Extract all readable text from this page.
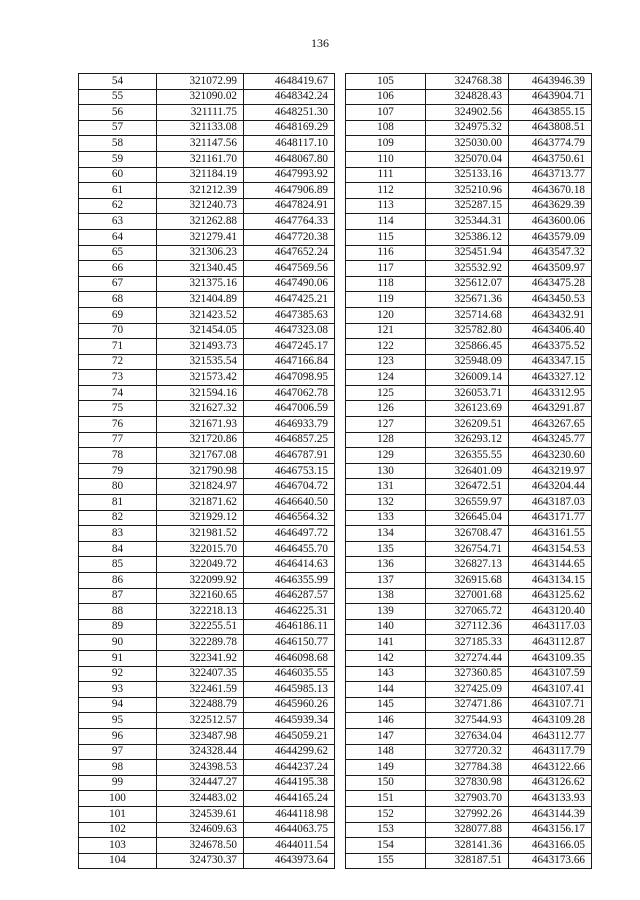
136
54	321072.99	4648419.67
55	321090.02	4648342.24
56	321111.75	4648251.30
57	321133.08	4648169.29
58	321147.56	4648117.10
59	321161.70	4648067.80
60	321184.19	4647993.92
61	321212.39	4647906.89
62	321240.73	4647824.91
63	321262.88	4647764.33
64	321279.41	4647720.38
65	321306.23	4647652.24
66	321340.45	4647569.56
67	321375.16	4647490.06
68	321404.89	4647425.21
69	321423.52	4647385.63
70	321454.05	4647323.08
71	321493.73	4647245.17
72	321535.54	4647166.84
73	321573.42	4647098.95
74	321594.16	4647062.78
75	321627.32	4647006.59
76	321671.93	4646933.79
77	321720.86	4646857.25
78	321767.08	4646787.91
79	321790.98	4646753.15
80	321824.97	4646704.72
81	321871.62	4646640.50
82	321929.12	4646564.32
83	321981.52	4646497.72
84	322015.70	4646455.70
85	322049.72	4646414.63
86	322099.92	4646355.99
87	322160.65	4646287.57
88	322218.13	4646225.31
89	322255.51	4646186.11
90	322289.78	4646150.77
91	322341.92	4646098.68
92	322407.35	4646035.55
93	322461.59	4645985.13
94	322488.79	4645960.26
95	322512.57	4645939.34
96	323487.98	4645059.21
97	324328.44	4644299.62
98	324398.53	4644237.24
99	324447.27	4644195.38
100	324483.02	4644165.24
101	324539.61	4644118.98
102	324609.63	4644063.75
103	324678.50	4644011.54
104	324730.37	4643973.64
105	324768.38	4643946.39
106	324828.43	4643904.71
107	324902.56	4643855.15
108	324975.32	4643808.51
109	325030.00	4643774.79
110	325070.04	4643750.61
111	325133.16	4643713.77
112	325210.96	4643670.18
113	325287.15	4643629.39
114	325344.31	4643600.06
115	325386.12	4643579.09
116	325451.94	4643547.32
117	325532.92	4643509.97
118	325612.07	4643475.28
119	325671.36	4643450.53
120	325714.68	4643432.91
121	325782.80	4643406.40
122	325866.45	4643375.52
123	325948.09	4643347.15
124	326009.14	4643327.12
125	326053.71	4643312.95
126	326123.69	4643291.87
127	326209.51	4643267.65
128	326293.12	4643245.77
129	326355.55	4643230.60
130	326401.09	4643219.97
131	326472.51	4643204.44
132	326559.97	4643187.03
133	326645.04	4643171.77
134	326708.47	4643161.55
135	326754.71	4643154.53
136	326827.13	4643144.65
137	326915.68	4643134.15
138	327001.68	4643125.62
139	327065.72	4643120.40
140	327112.36	4643117.03
141	327185.33	4643112.87
142	327274.44	4643109.35
143	327360.85	4643107.59
144	327425.09	4643107.41
145	327471.86	4643107.71
146	327544.93	4643109.28
147	327634.04	4643112.77
148	327720.32	4643117.79
149	327784.38	4643122.66
150	327830.98	4643126.62
151	327903.70	4643133.93
152	327992.26	4643144.39
153	328077.88	4643156.17
154	328141.36	4643166.05
155	328187.51	4643173.66
